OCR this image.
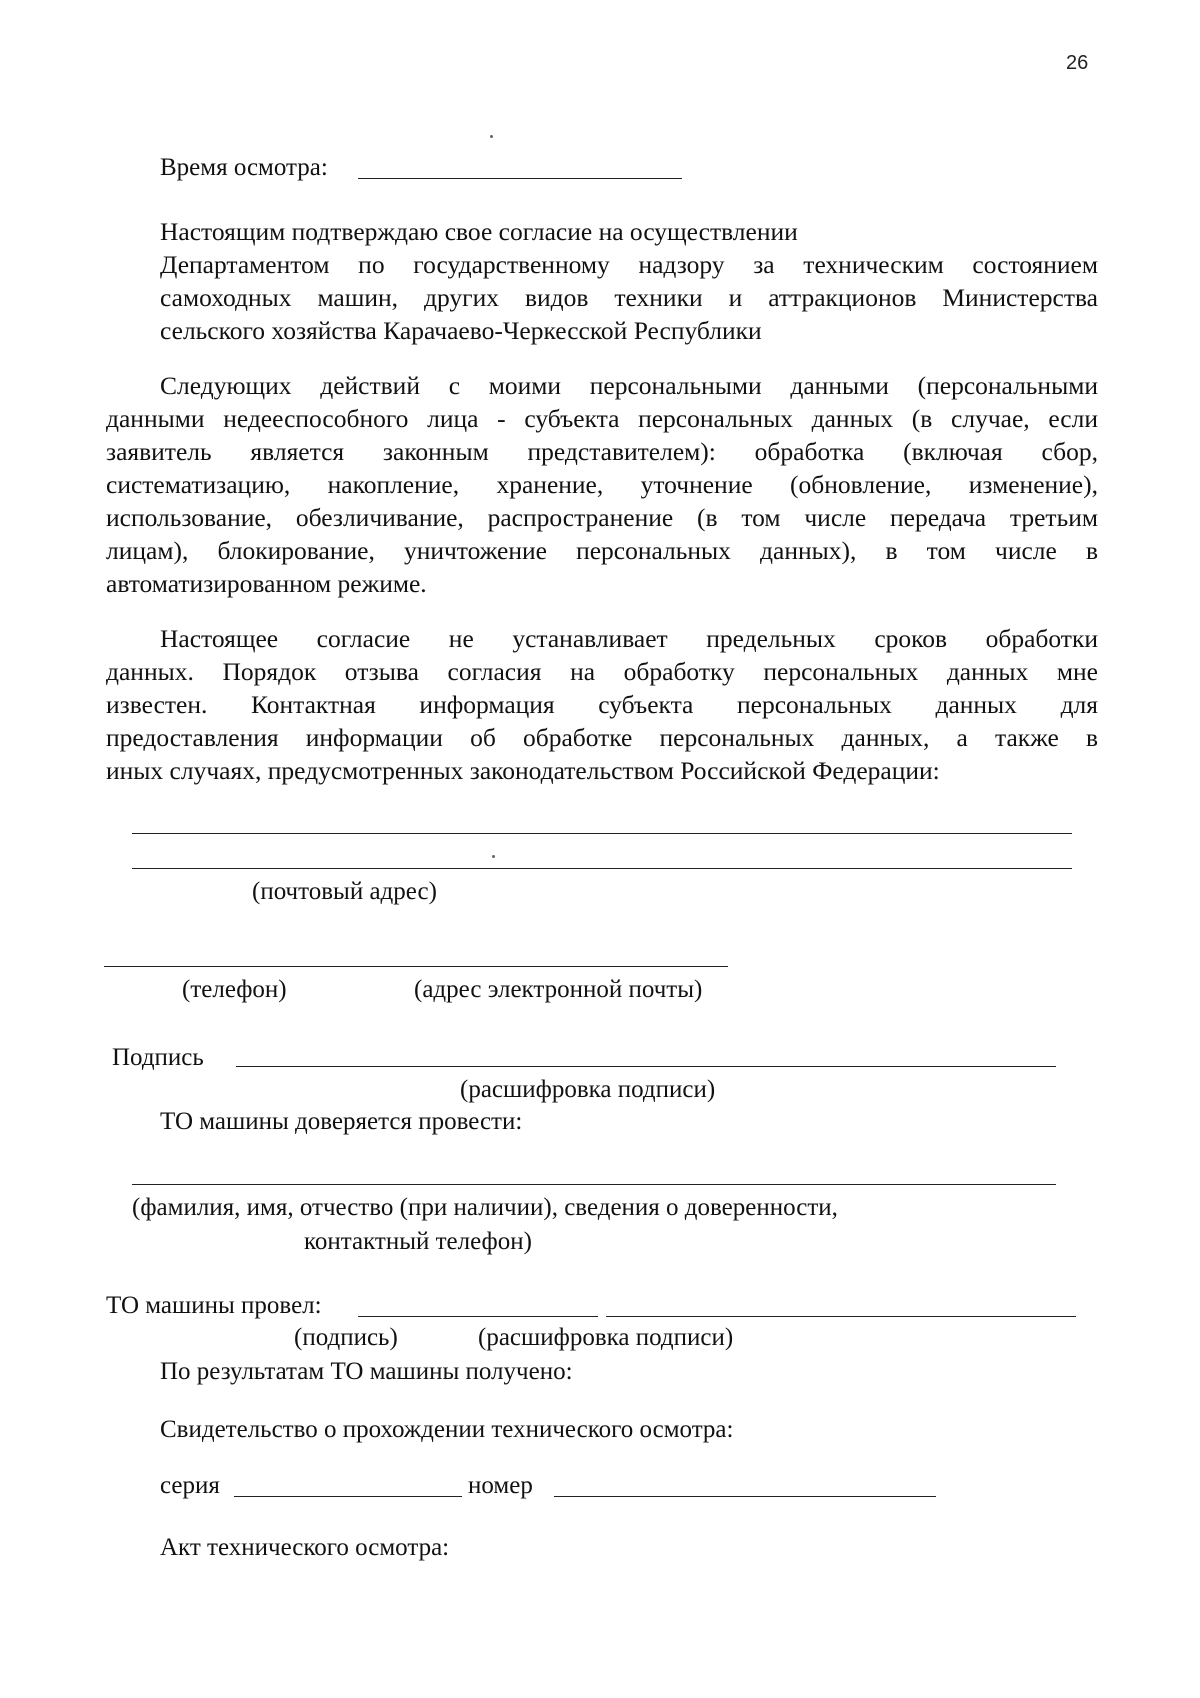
26
Время осмотра:
Настоящим подтверждаю свое согласие на осуществлении
Департаментом по государственному надзору за техническим состоянием
самоходных машин, других видов техники и аттракционов Министерства
сельского хозяйства Карачаево-Черкесской Республики
Следующих действий с моими персональными данными (персональными
данными недееспособного лица - субъекта персональных данных (в случае, если
заявитель является законным представителем): обработка (включая сбор,
систематизацию, накопление, хранение, уточнение (обновление, изменение),
использование, обезличивание, распространение (в том числе передача третьим
лицам), блокирование, уничтожение персональных данных), в том числе в
автоматизированном режиме.
Настоящее согласие не устанавливает предельных сроков обработки
данных. Порядок отзыва согласия на обработку персональных данных мне
известен. Контактная информация субъекта персональных данных для
предоставления информации об обработке персональных данных, а также в
иных случаях, предусмотренных законодательством Российской Федерации:
(почтовый адрес)
(телефон)	(адрес электронной почты)
Подпись
(расшифровка подписи)
ТО машины доверяется провести:
(фамилия, имя, отчество (при наличии), сведения о доверенности,
контактный телефон)
ТО машины провел:
(подпись)	(расшифровка подписи)
По результатам ТО машины получено:
Свидетельство о прохождении технического осмотра:
серия	номер
Акт технического осмотра:
